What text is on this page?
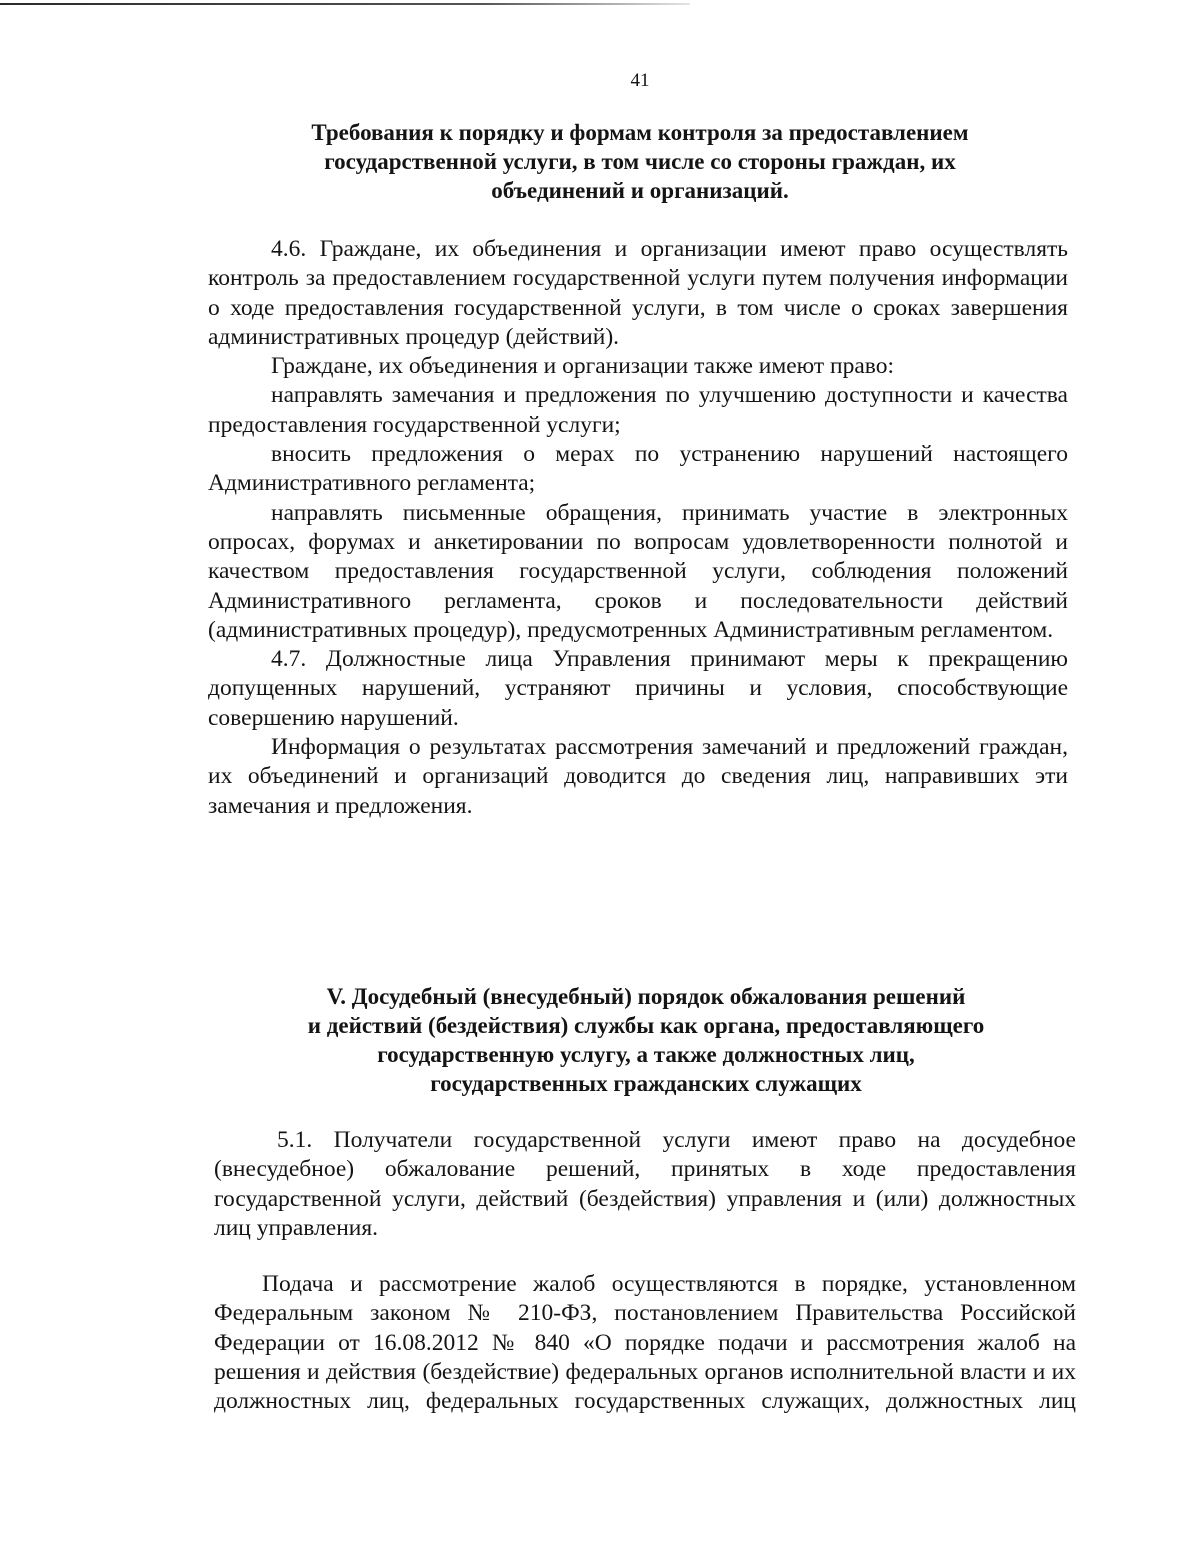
41
Требования к порядку и формам контроля за предоставлением
государственной услуги, в том числе со стороны граждан, их
объединений и организаций.

4.6. Граждане, их объединения и организации имеют право осуществлять контроль за предоставлением государственной услуги путем получения информации о ходе предоставления государственной услуги, в том числе о сроках завершения административных процедур (действий).

Граждане, их объединения и организации также имеют право:

направлять замечания и предложения по улучшению доступности и качества предоставления государственной услуги;

вносить предложения о мерах по устранению нарушений настоящего Административного регламента;

направлять письменные обращения, принимать участие в электронных опросах, форумах и анкетировании по вопросам удовлетворенности полнотой и качеством предоставления государственной услуги, соблюдения положений Административного регламента, сроков и последовательности действий (административных процедур), предусмотренных Административным регламентом.

4.7. Должностные лица Управления принимают меры к прекращению допущенных нарушений, устраняют причины и условия, способствующие совершению нарушений.

Информация о результатах рассмотрения замечаний и предложений граждан, их объединений и организаций доводится до сведения лиц, направивших эти замечания и предложения.

V. Досудебный (внесудебный) порядок обжалования решений
и действий (бездействия) службы как органа, предоставляющего
государственную услугу, а также должностных лиц,
государственных гражданских служащих

5.1. Получатели государственной услуги имеют право на досудебное (внесудебное) обжалование решений, принятых в ходе предоставления государственной услуги, действий (бездействия) управления и (или) должностных лиц управления.

Подача и рассмотрение жалоб осуществляются в порядке, установленном Федеральным законом № 210-ФЗ, постановлением Правительства Российской Федерации от 16.08.2012 № 840 «О порядке подачи и рассмотрения жалоб на решения и действия (бездействие) федеральных органов исполнительной власти и их должностных лиц, федеральных государственных служащих, должностных лиц
